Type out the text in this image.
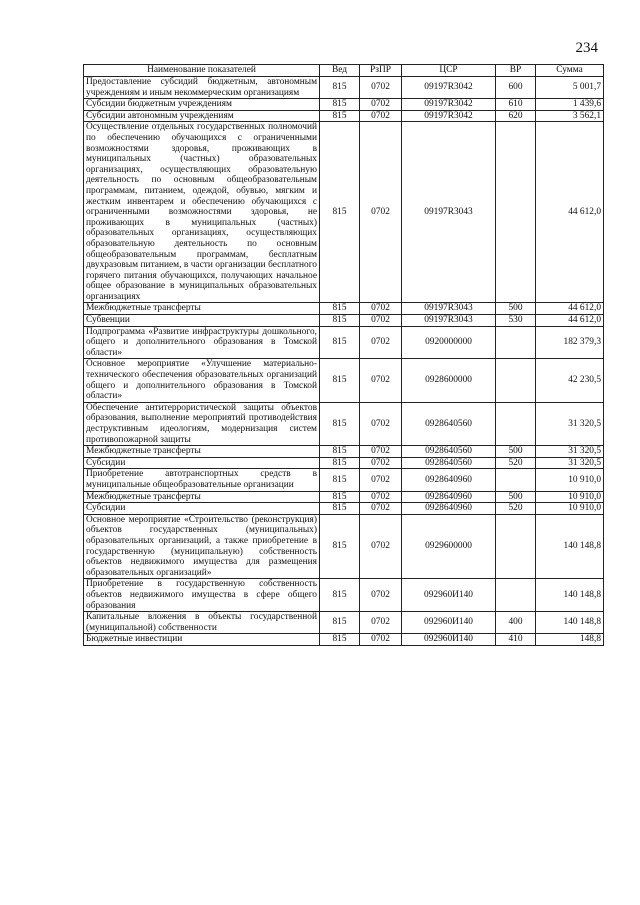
234
Наименование показателей	Вед	РзПР	ЦСР	ВР	Сумма
Предоставление субсидий бюджетным, автономным учреждениям и иным некоммерческим организациям	815	0702	09197R3042	600	5 001,7
Субсидии бюджетным учреждениям	815	0702	09197R3042	610	1 439,6
Субсидии автономным учреждениям	815	0702	09197R3042	620	3 562,1
Осуществление отдельных государственных полномочий по обеспечению обучающихся с ограниченными возможностями здоровья, проживающих в муниципальных (частных) образовательных организациях, осуществляющих образовательную деятельность по основным общеобразовательным программам, питанием, одеждой, обувью, мягким и жестким инвентарем и обеспечению обучающихся с ограниченными возможностями здоровья, не проживающих в муниципальных (частных) образовательных организациях, осуществляющих образовательную деятельность по основным общеобразовательным программам, бесплатным двухразовым питанием, в части организации бесплатного горячего питания обучающихся, получающих начальное общее образование в муниципальных образовательных организациях	815	0702	09197R3043		44 612,0
Межбюджетные трансферты	815	0702	09197R3043	500	44 612,0
Субвенции	815	0702	09197R3043	530	44 612,0
Подпрограмма «Развитие инфраструктуры дошкольного, общего и дополнительного образования в Томской области»	815	0702	0920000000		182 379,3
Основное мероприятие «Улучшение материально-технического обеспечения образовательных организаций общего и дополнительного образования в Томской области»	815	0702	0928600000		42 230,5
Обеспечение антитеррористической защиты объектов образования, выполнение мероприятий противодействия деструктивным идеологиям, модернизация систем противопожарной защиты	815	0702	0928640560		31 320,5
Межбюджетные трансферты	815	0702	0928640560	500	31 320,5
Субсидии	815	0702	0928640560	520	31 320,5
Приобретение автотранспортных средств в муниципальные общеобразовательные организации	815	0702	0928640960		10 910,0
Межбюджетные трансферты	815	0702	0928640960	500	10 910,0
Субсидии	815	0702	0928640960	520	10 910,0
Основное мероприятие «Строительство (реконструкция) объектов государственных (муниципальных) образовательных организаций, а также приобретение в государственную (муниципальную) собственность объектов недвижимого имущества для размещения образовательных организаций»	815	0702	0929600000		140 148,8
Приобретение в государственную собственность объектов недвижимого имущества в сфере общего образования	815	0702	092960И140		140 148,8
Капитальные вложения в объекты государственной (муниципальной) собственности	815	0702	092960И140	400	140 148,8
Бюджетные инвестиции	815	0702	092960И140	410	148,8
